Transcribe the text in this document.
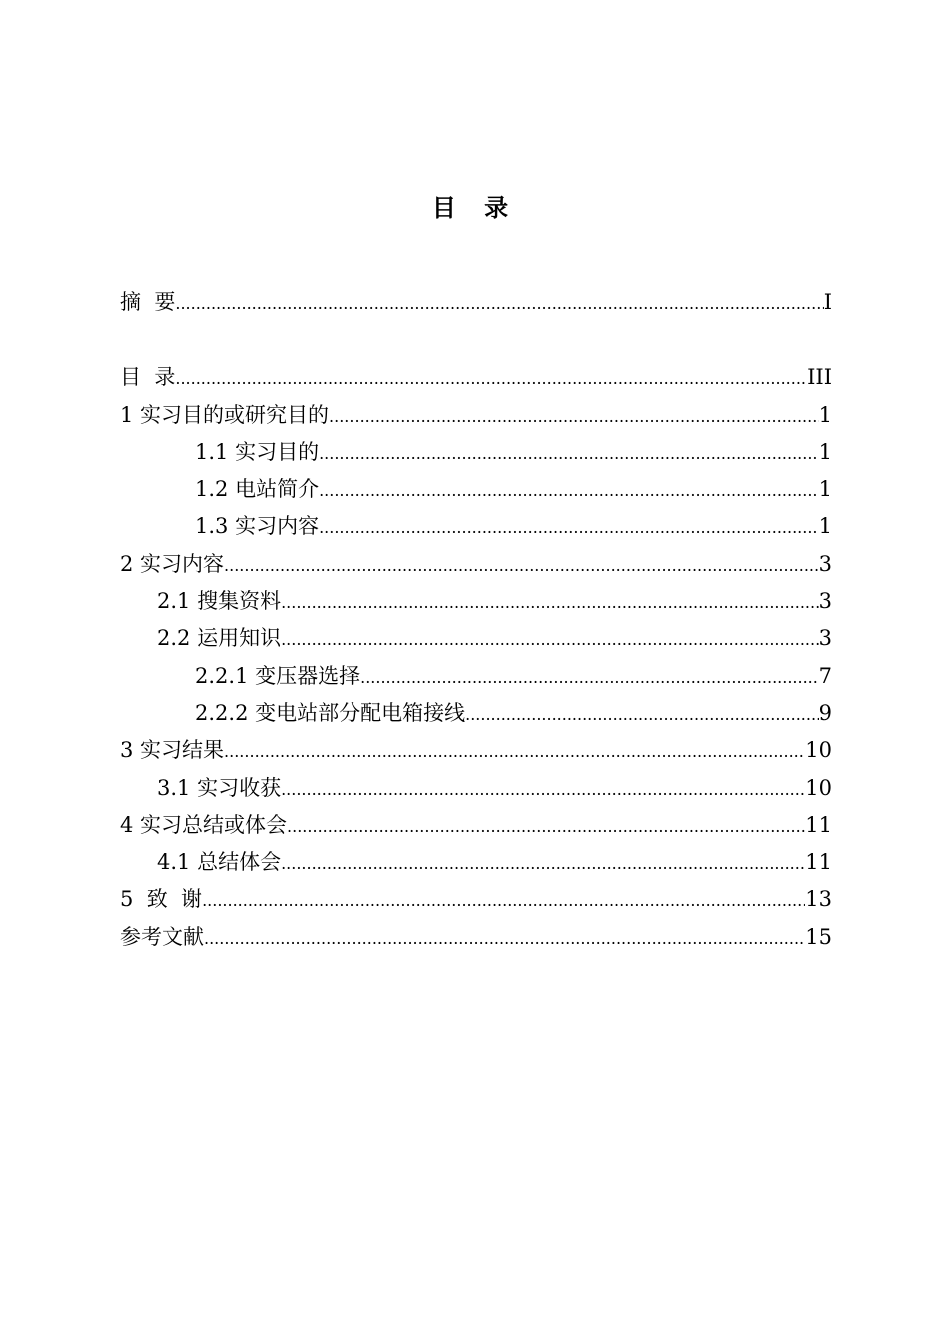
目 录
摘  要 .....	I
目  录 .....	III
1 实习目的或研究目的 .....	1
1.1 实习目的 .....	1
1.2 电站简介 .....	1
1.3 实习内容 .....	1
2 实习内容 .....	3
2.1 搜集资料 .....	3
2.2 运用知识 .....	3
2.2.1 变压器选择 .....	7
2.2.2 变电站部分配电箱接线 .....	9
3 实习结果 .....	10
3.1 实习收获 .....	10
4 实习总结或体会 .....	11
4.1 总结体会 .....	11
5  致  谢 .....	13
参考文献 .....	15
